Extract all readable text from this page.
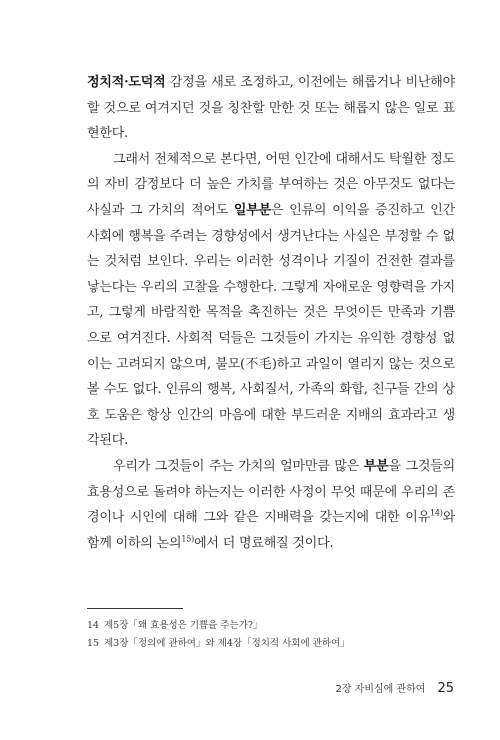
정치적·도덕적 감정을 새로 조정하고, 이전에는 해롭거나 비난해야 할 것으로 여겨지던 것을 칭찬할 만한 것 또는 해롭지 않은 일로 표현한다.

그래서 전체적으로 본다면, 어떤 인간에 대해서도 탁월한 정도의 자비 감정보다 더 높은 가치를 부여하는 것은 아무것도 없다는 사실과 그 가치의 적어도 일부분은 인류의 이익을 증진하고 인간 사회에 행복을 주려는 경향성에서 생겨난다는 사실은 부정할 수 없는 것처럼 보인다. 우리는 이러한 성격이나 기질이 건전한 결과를 낳는다는 우리의 고찰을 수행한다. 그렇게 자애로운 영향력을 가지고, 그렇게 바람직한 목적을 촉진하는 것은 무엇이든 만족과 기쁨으로 여겨진다. 사회적 덕들은 그것들이 가지는 유익한 경향성 없이는 고려되지 않으며, 불모(不毛)하고 과일이 열리지 않는 것으로 볼 수도 없다. 인류의 행복, 사회질서, 가족의 화합, 친구들 간의 상호 도움은 항상 인간의 마음에 대한 부드러운 지배의 효과라고 생각된다.

우리가 그것들이 주는 가치의 얼마만큼 많은 부분을 그것들의 효용성으로 돌려야 하는지는 이러한 사정이 무엇 때문에 우리의 존경이나 시인에 대해 그와 같은 지배력을 갖는지에 대한 이유$^{14)}$와 함께 이하의 논의$^{15)}$에서 더 명료해질 것이다.

14 제5장「왜 효용성은 기쁨을 주는가?」
15 제3장「정의에 관하여」와 제4장「정치적 사회에 관하여」
2장 자비심에 관하여 25
